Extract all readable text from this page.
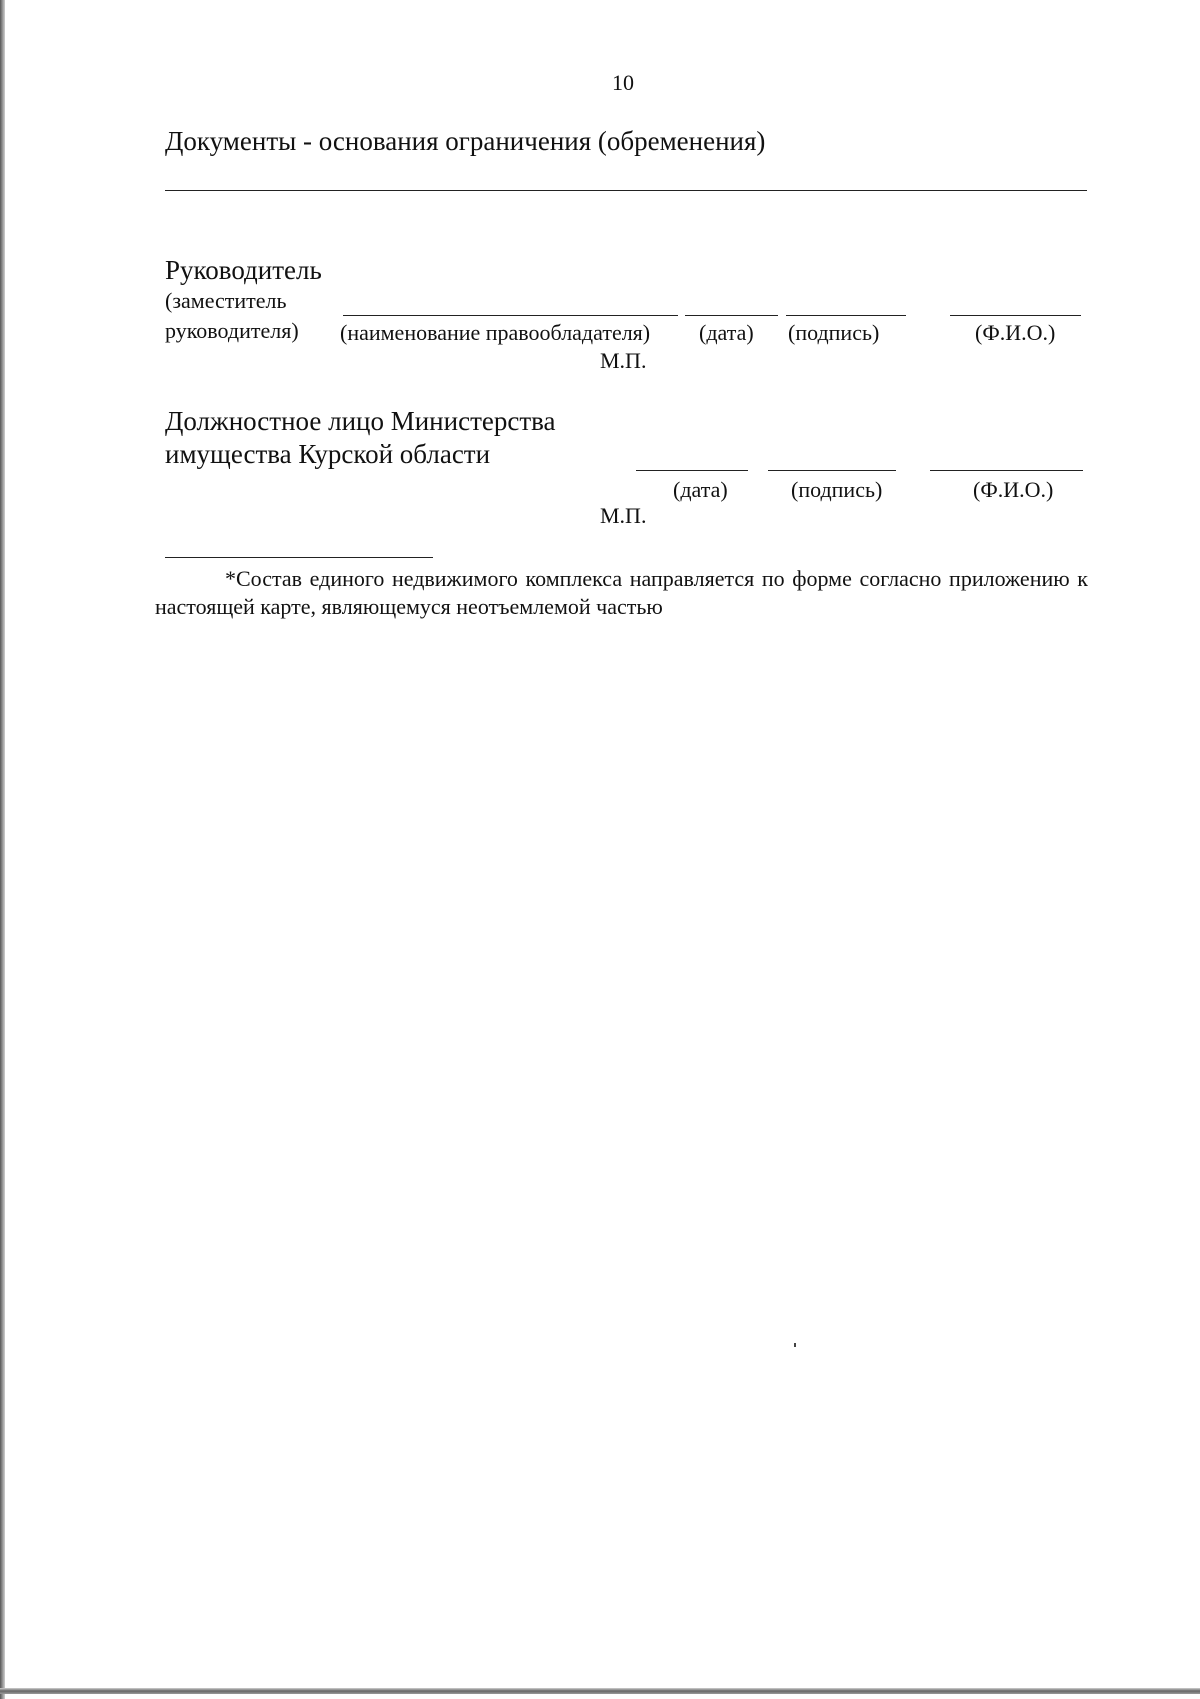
10
Документы - основания ограничения (обременения)
Руководитель
(заместитель
руководителя) (наименование правообладателя) (дата) (подпись)	(Ф.И.О.)
М.П.
Должностное лицо Министерства
имущества Курской области
(дата)	(подпись)	(Ф.И.О.)
М.П.
*Состав единого недвижимого комплекса направляется по форме согласно приложению к настоящей карте, являющемуся неотъемлемой частью
